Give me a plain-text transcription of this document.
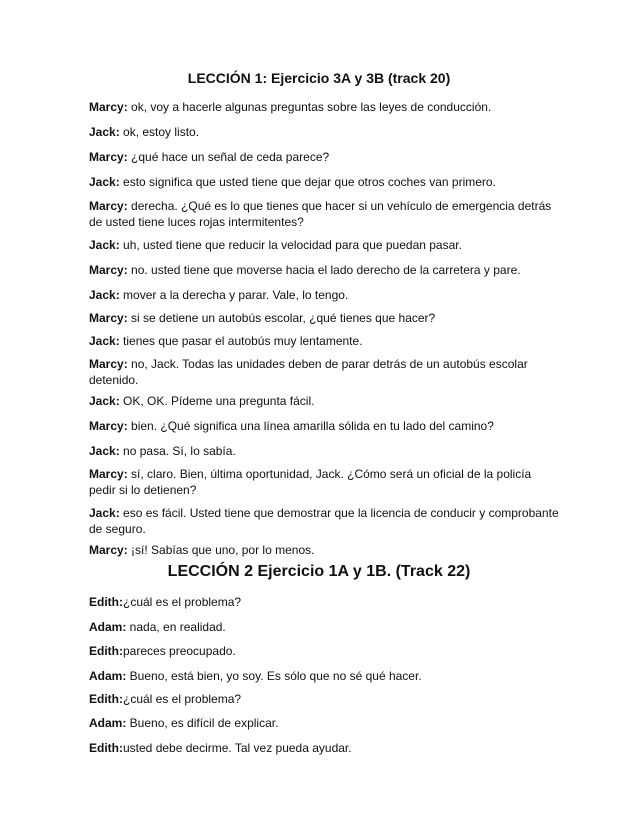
LECCIÓN 1: Ejercicio 3A y 3B (track 20)
Marcy: ok, voy a hacerle algunas preguntas sobre las leyes de conducción.
Jack: ok, estoy listo.
Marcy: ¿qué hace un señal de ceda parece?
Jack: esto significa que usted tiene que dejar que otros coches van primero.
Marcy: derecha. ¿Qué es lo que tienes que hacer si un vehículo de emergencia detrás de usted tiene luces rojas intermitentes?
Jack: uh, usted tiene que reducir la velocidad para que puedan pasar.
Marcy: no. usted tiene que moverse hacia el lado derecho de la carretera y pare.
Jack: mover a la derecha y parar. Vale, lo tengo.
Marcy: si se detiene un autobús escolar, ¿qué tienes que hacer?
Jack: tienes que pasar el autobús muy lentamente.
Marcy: no, Jack. Todas las unidades deben de parar detrás de un autobús escolar detenido.
Jack: OK, OK. Pídeme una pregunta fácil.
Marcy: bien. ¿Qué significa una línea amarilla sólida en tu lado del camino?
Jack: no pasa. Sí, lo sabía.
Marcy: sí, claro. Bien, última oportunidad, Jack. ¿Cómo será un oficial de la policía pedir si lo detienen?
Jack: eso es fácil. Usted tiene que demostrar que la licencia de conducir y comprobante de seguro.
Marcy: ¡sí! Sabías que uno, por lo menos.
LECCIÓN 2 Ejercicio 1A y 1B. (Track 22)
Edith:¿cuál es el problema?
Adam: nada, en realidad.
Edith:pareces preocupado.
Adam: Bueno, está bien, yo soy. Es sólo que no sé qué hacer.
Edith:¿cuál es el problema?
Adam: Bueno, es difícil de explicar.
Edith:usted debe decirme. Tal vez pueda ayudar.
